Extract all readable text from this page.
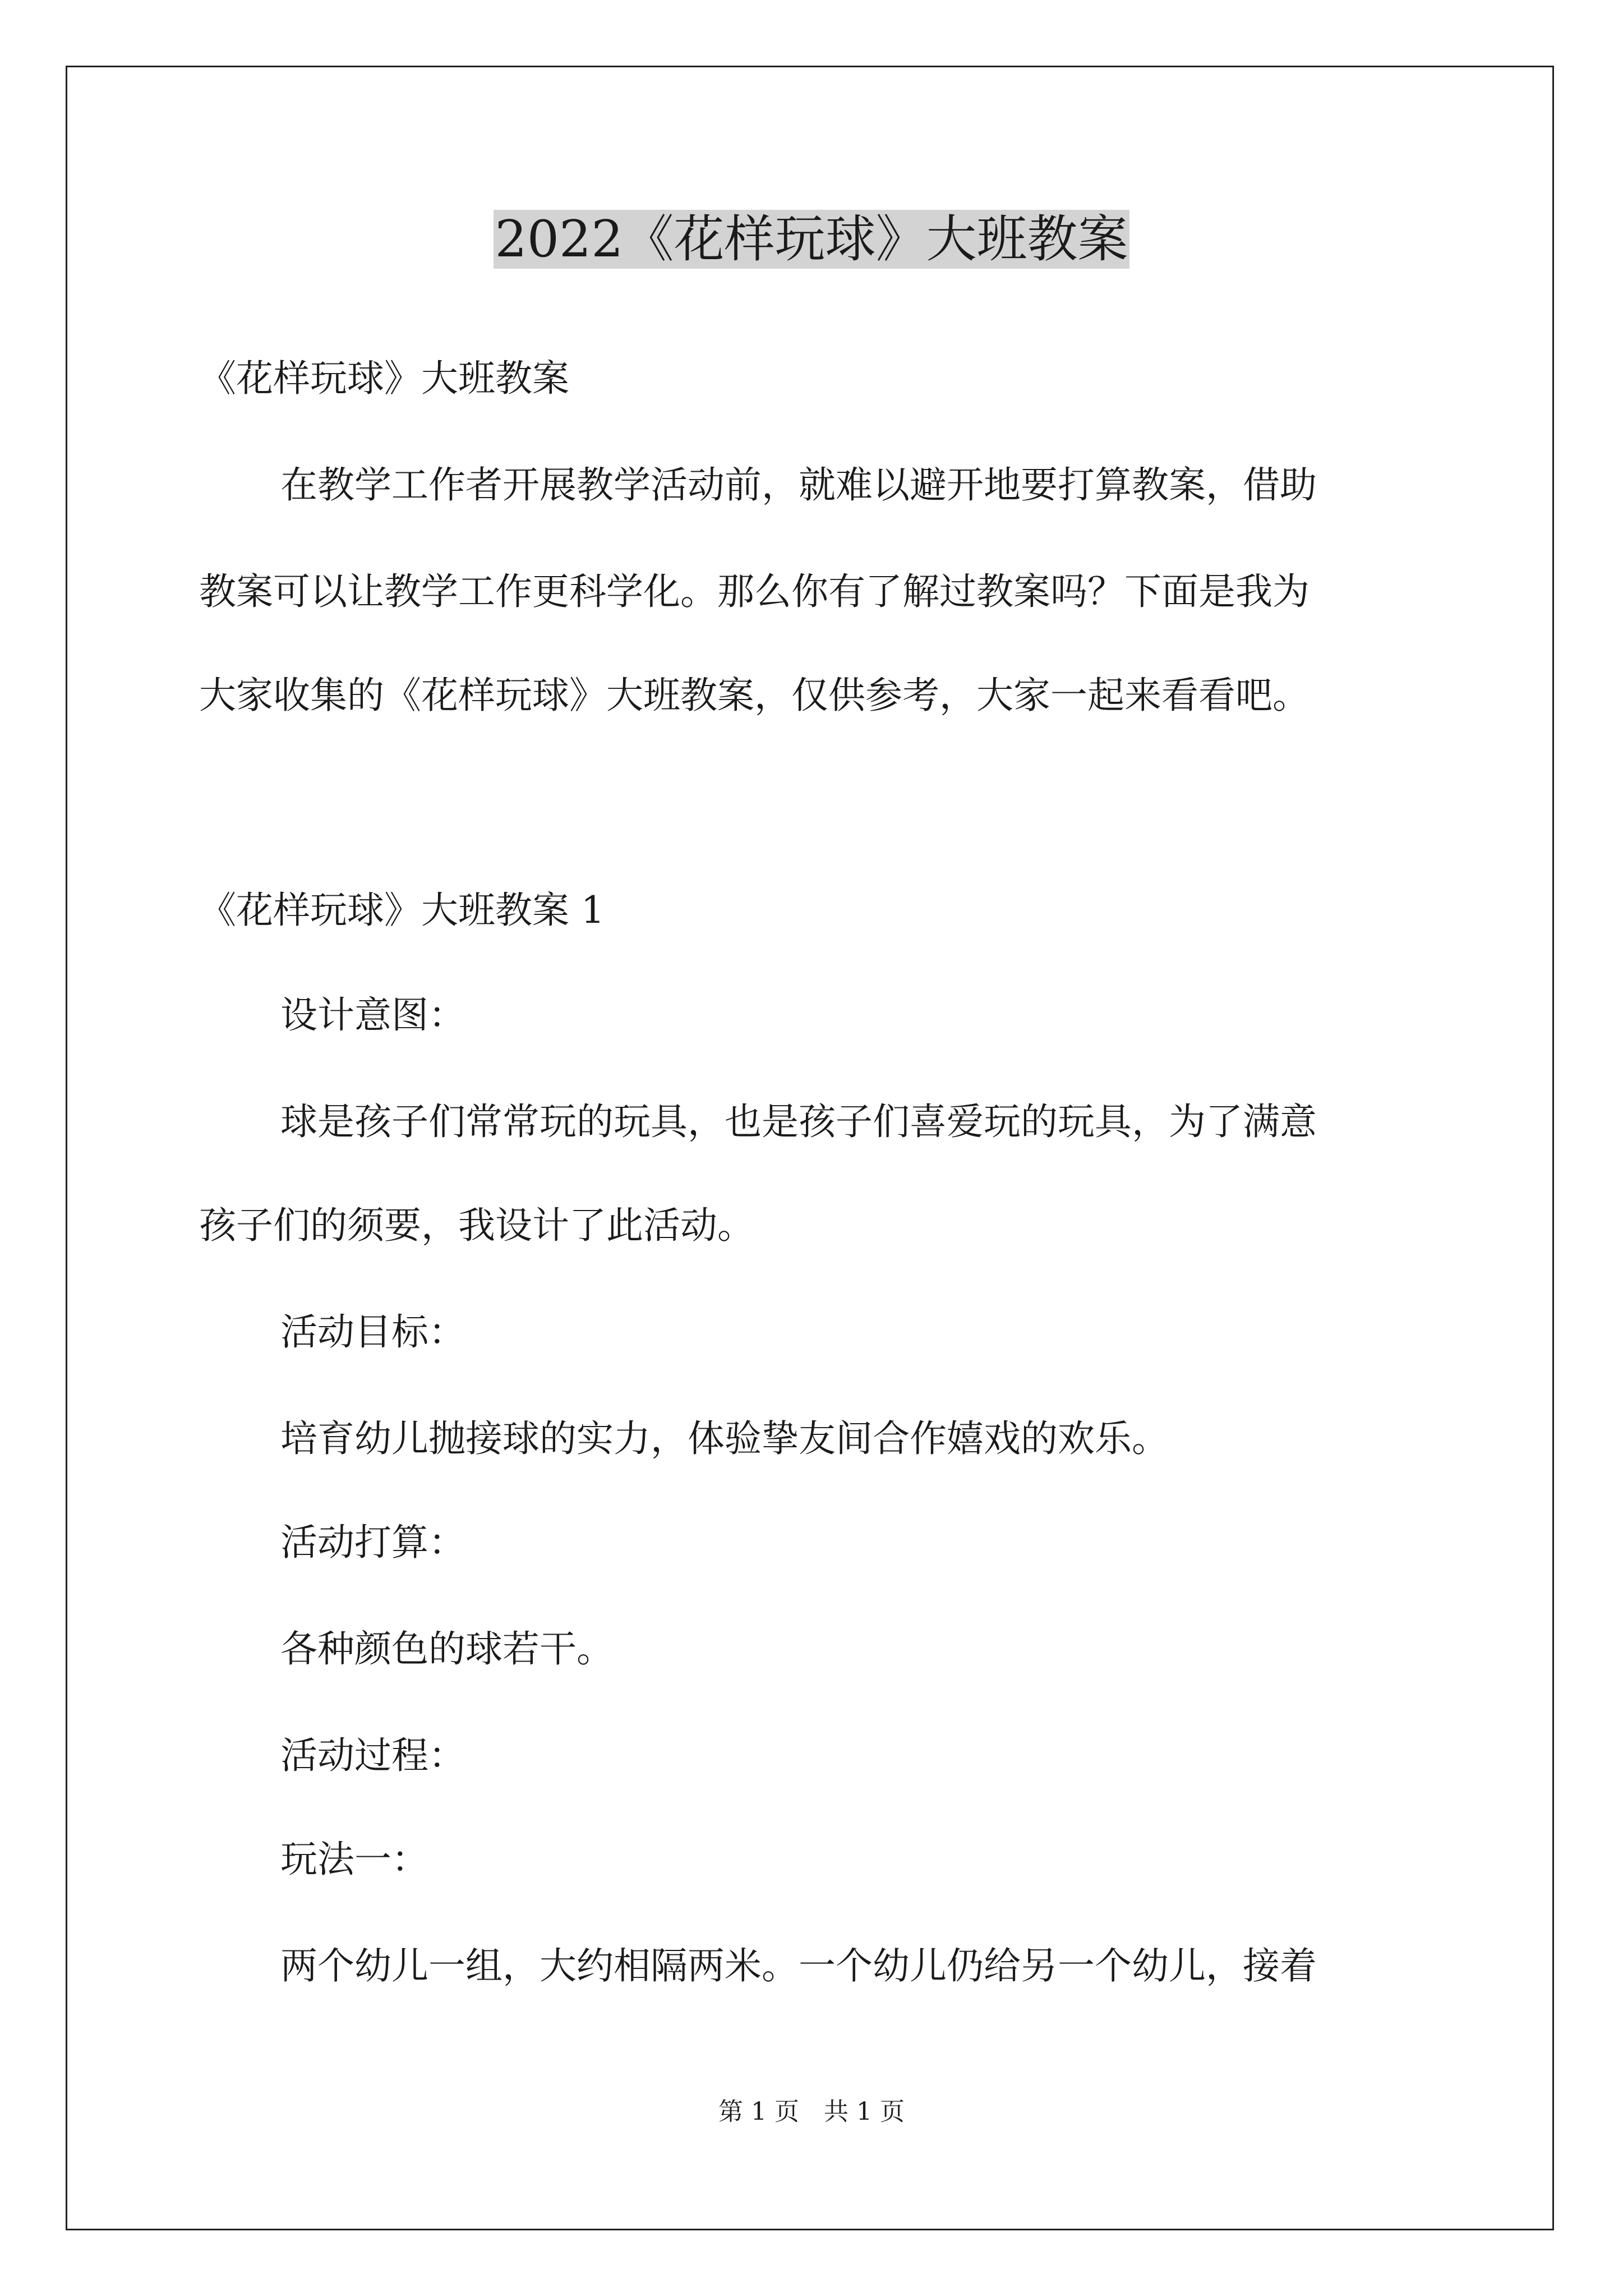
2022《花样玩球》大班教案

《花样玩球》大班教案

在教学工作者开展教学活动前，就难以避开地要打算教案，借助

教案可以让教学工作更科学化。那么你有了解过教案吗？下面是我为

大家收集的《花样玩球》大班教案，仅供参考，大家一起来看看吧。

《花样玩球》大班教案 1

设计意图：

球是孩子们常常玩的玩具，也是孩子们喜爱玩的玩具，为了满意

孩子们的须要，我设计了此活动。

活动目标：

培育幼儿抛接球的实力，体验挚友间合作嬉戏的欢乐。

活动打算：

各种颜色的球若干。

活动过程：

玩法一：

两个幼儿一组，大约相隔两米。一个幼儿仍给另一个幼儿，接着

第 1 页　共 1 页
